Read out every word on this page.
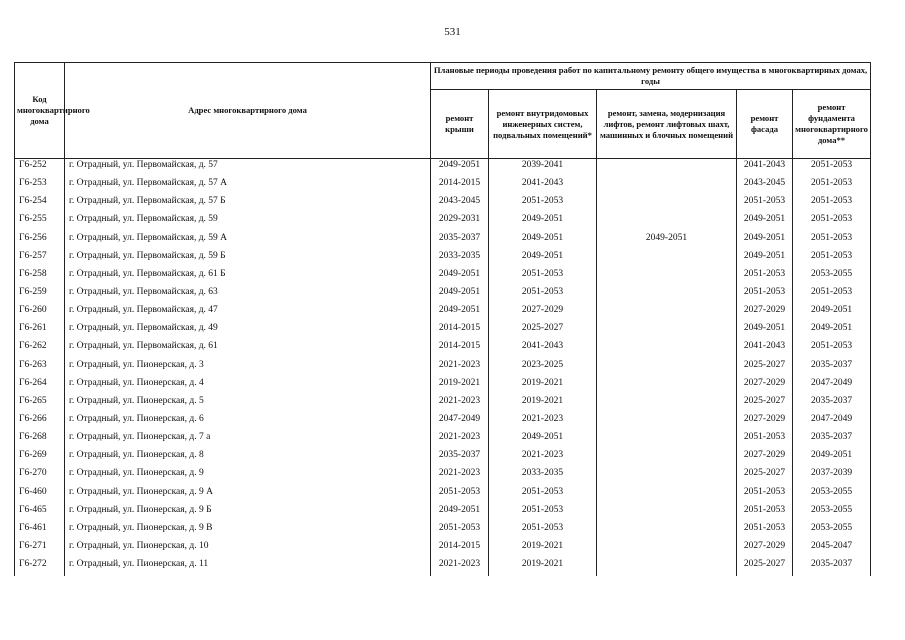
531
Код многоквартирного дома	Адрес многоквартирного дома	Плановые периоды проведения работ по капитальному ремонту общего имущества в многоквартирных домах, годы				
		ремонт крыши	ремонт внутридомовых инженерных систем, подвальных помещений*	ремонт, замена, модернизация лифтов, ремонт лифтовых шахт, машинных и блочных помещений	ремонт фасада	ремонт фундамента многоквартирного дома**
Г6-252	г. Отрадный, ул. Первомайская, д. 57	2049-2051	2039-2041		2041-2043	2051-2053
Г6-253	г. Отрадный, ул. Первомайская, д. 57 А	2014-2015	2041-2043		2043-2045	2051-2053
Г6-254	г. Отрадный, ул. Первомайская, д. 57 Б	2043-2045	2051-2053		2051-2053	2051-2053
Г6-255	г. Отрадный, ул. Первомайская, д. 59	2029-2031	2049-2051		2049-2051	2051-2053
Г6-256	г. Отрадный, ул. Первомайская, д. 59 А	2035-2037	2049-2051	2049-2051	2049-2051	2051-2053
Г6-257	г. Отрадный, ул. Первомайская, д. 59 Б	2033-2035	2049-2051		2049-2051	2051-2053
Г6-258	г. Отрадный, ул. Первомайская, д. 61 Б	2049-2051	2051-2053		2051-2053	2053-2055
Г6-259	г. Отрадный, ул. Первомайская, д. 63	2049-2051	2051-2053		2051-2053	2051-2053
Г6-260	г. Отрадный, ул. Первомайская, д. 47	2049-2051	2027-2029		2027-2029	2049-2051
Г6-261	г. Отрадный, ул. Первомайская, д. 49	2014-2015	2025-2027		2049-2051	2049-2051
Г6-262	г. Отрадный, ул. Первомайская, д. 61	2014-2015	2041-2043		2041-2043	2051-2053
Г6-263	г. Отрадный, ул. Пионерская, д. 3	2021-2023	2023-2025		2025-2027	2035-2037
Г6-264	г. Отрадный, ул. Пионерская, д. 4	2019-2021	2019-2021		2027-2029	2047-2049
Г6-265	г. Отрадный, ул. Пионерская, д. 5	2021-2023	2019-2021		2025-2027	2035-2037
Г6-266	г. Отрадный, ул. Пионерская, д. 6	2047-2049	2021-2023		2027-2029	2047-2049
Г6-268	г. Отрадный, ул. Пионерская, д. 7 а	2021-2023	2049-2051		2051-2053	2035-2037
Г6-269	г. Отрадный, ул. Пионерская, д. 8	2035-2037	2021-2023		2027-2029	2049-2051
Г6-270	г. Отрадный, ул. Пионерская, д. 9	2021-2023	2033-2035		2025-2027	2037-2039
Г6-460	г. Отрадный, ул. Пионерская, д. 9 А	2051-2053	2051-2053		2051-2053	2053-2055
Г6-465	г. Отрадный, ул. Пионерская, д. 9 Б	2049-2051	2051-2053		2051-2053	2053-2055
Г6-461	г. Отрадный, ул. Пионерская, д. 9 В	2051-2053	2051-2053		2051-2053	2053-2055
Г6-271	г. Отрадный, ул. Пионерская, д. 10	2014-2015	2019-2021		2027-2029	2045-2047
Г6-272	г. Отрадный, ул. Пионерская, д. 11	2021-2023	2019-2021		2025-2027	2035-2037
